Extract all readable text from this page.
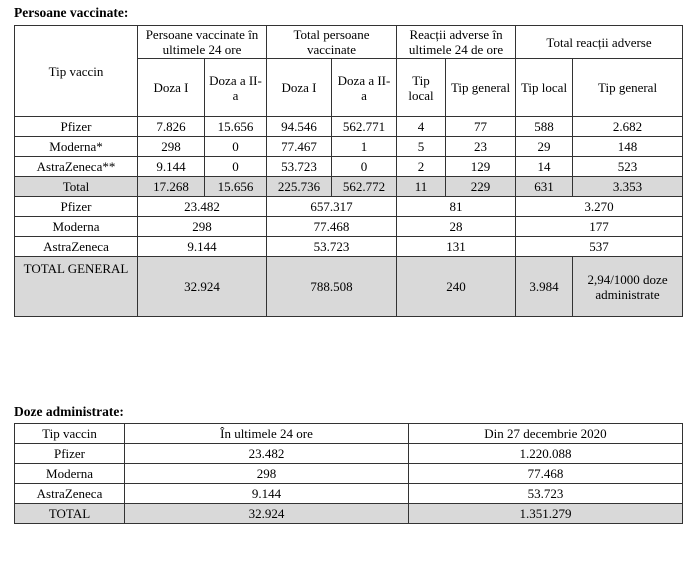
Persoane vaccinate:
Tip vaccin	Persoane vaccinate în ultimele 24 ore		Total persoane vaccinate		Reacții adverse în ultimele 24 de ore		Total reacții adverse	
	Doza I	Doza a II-a	Doza I	Doza a II-a	Tip local	Tip general	Tip local	Tip general
Pfizer	7.826	15.656	94.546	562.771	4	77	588	2.682
Moderna*	298	0	77.467	1	5	23	29	148
AstraZeneca**	9.144	0	53.723	0	2	129	14	523
Total	17.268	15.656	225.736	562.772	11	229	631	3.353
Pfizer	23.482		657.317		81		3.270	
Moderna	298		77.468		28		177	
AstraZeneca	9.144		53.723		131		537	
TOTAL GENERAL	32.924		788.508		240		3.984	2,94/1000 doze administrate
Doze administrate:
Tip vaccin	În ultimele 24 ore	Din 27 decembrie 2020
Pfizer	23.482	1.220.088
Moderna	298	77.468
AstraZeneca	9.144	53.723
TOTAL	32.924	1.351.279
